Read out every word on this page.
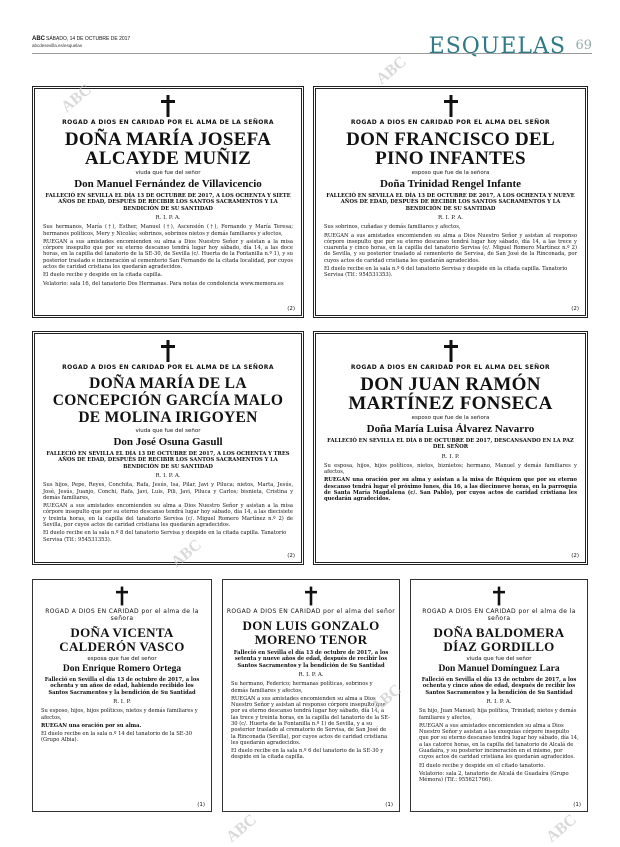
ABC SÁBADO, 14 DE OCTUBRE DE 2017
abcdesevilla.es/esquelas	ESQUELAS 69
ROGAD A DIOS EN CARIDAD POR EL ALMA DE LA SEÑORA
DOÑA MARÍA JOSEFA ALCAYDE MUÑIZ
viuda que fue del señor
Don Manuel Fernández de Villavicencio
FALLECIÓ EN SEVILLA EL DÍA 13 DE OCTUBRE DE 2017, A LOS OCHENTA Y SIETE AÑOS DE EDAD, DESPUÉS DE RECIBIR LOS SANTOS SACRAMENTOS Y LA BENDICIÓN DE SU SANTIDAD
R. I. P. A.
Sus hermanos, María (†), Esther, Manuel (†), Ascensión (†), Fernando y María Teresa; hermanos políticos, Mery y Nicolás; sobrinos, sobrinos nietos y demás familiares y afectos,
RUEGAN a sus amistades encomienden su alma a Dios Nuestro Señor y asistan a la misa córpore insepulto que por su eterno descanso tendrá lugar hoy sábado, día 14, a las doce horas, en la capilla del tanatorio de la SE-30, de Sevilla (c/. Huerta de la Fontanilla n.º 1), y su posterior traslado e incineración al cementerio San Fernando de la citada localidad, por cuyos actos de caridad cristiana les quedarán agradecidos.
El duelo recibe y despide en la citada capilla.
Velatorio: sala 16, del tanatorio Dos Hermanas. Para notas de condolencia www.memora.es
(2)
ROGAD A DIOS EN CARIDAD POR EL ALMA DEL SEÑOR
DON FRANCISCO DEL PINO INFANTES
esposo que fue de la señora
Doña Trinidad Rengel Infante
FALLECIÓ EN SEVILLA EL DÍA 13 DE OCTUBRE DE 2017, A LOS OCHENTA Y NUEVE AÑOS DE EDAD, DESPUÉS DE RECIBIR LOS SANTOS SACRAMENTOS Y LA BENDICIÓN DE SU SANTIDAD
R. I. P. A.
Sus sobrinos, cuñadas y demás familiares y afectos,
RUEGAN a sus amistades encomienden su alma a Dios Nuestro Señor y asistan al responso córpore insepulto que por su eterno descanso tendrá lugar hoy sábado, día 14, a las trece y cuarenta y cinco horas, en la capilla del tanatorio Servisa (c/. Miguel Romero Martínez n.º 2) de Sevilla, y su posterior traslado al cementerio de Servisa, de San José de la Rinconada, por cuyos actos de caridad cristiana les quedarán agradecidos.
El duelo recibe en la sala n.º 6 del tanatorio Servisa y despide en la citada capilla. Tanatorio Servisa (Tlf.: 954531353).
(2)
ROGAD A DIOS EN CARIDAD POR EL ALMA DE LA SEÑORA
DOÑA MARÍA DE LA CONCEPCIÓN GARCÍA MALO DE MOLINA IRIGOYEN
viuda que fue del señor
Don José Osuna Gasull
FALLECIÓ EN SEVILLA EL DÍA 13 DE OCTUBRE DE 2017, A LOS OCHENTA Y TRES AÑOS DE EDAD, DESPUÉS DE RECIBIR LOS SANTOS SACRAMENTOS Y LA BENDICIÓN DE SU SANTIDAD
R. I. P. A.
Sus hijos, Pepe, Reyes, Conchita, Rafa, Jesús, Isa, Pilar, Javi y Piluca; nietos, Marta, Jesús, José, Jesús, Juanjo, Conchi, Rafa, Javi, Luis, Pili, Javi, Piluca y Carlos; bisnieta, Cristina y demás familiares,
RUEGAN a sus amistades encomienden su alma a Dios Nuestro Señor y asistan a la misa córpore insepulto que por su eterno descanso tendrá lugar hoy sábado, día 14, a las diecisiete y treinta horas, en la capilla del tanatorio Servisa (c/. Miguel Romero Martínez n.º 2) de Sevilla, por cuyos actos de caridad cristiana les quedarán agradecidos.
El duelo recibe en la sala n.º 8 del tanatorio Servisa y despide en la citada capilla. Tanatorio Servisa (Tlf.: 954531353).
(2)
ROGAD A DIOS EN CARIDAD POR EL ALMA DEL SEÑOR
DON JUAN RAMÓN MARTÍNEZ FONSECA
esposo que fue de la señora
Doña María Luisa Álvarez Navarro
FALLECIÓ EN SEVILLA EL DÍA 8 DE OCTUBRE DE 2017, DESCANSANDO EN LA PAZ DEL SEÑOR
R. I. P.
Su esposa, hijos, hijos políticos, nietos, biznietos; hermano, Manuel y demás familiares y afectos,
RUEGAN una oración por su alma y asistan a la misa de Réquiem que por su eterno descanso tendrá lugar el próximo lunes, día 16, a las diecinueve horas, en la parroquia de Santa María Magdalena (c/. San Pablo), por cuyos actos de caridad cristiana les quedarán agradecidos.
(2)
ROGAD A DIOS EN CARIDAD por el alma de la señora
DOÑA VICENTA CALDERÓN VASCO
esposa que fue del señor
Don Enrique Romero Ortega
Falleció en Sevilla el día 13 de octubre de 2017, a los ochenta y un años de edad, habiendo recibido los Santos Sacramentos y la bendición de Su Santidad
R. I. P.
Su esposo, hijos, hijos políticos, nietos y demás familiares y afectos,
RUEGAN una oración por su alma.
El duelo recibe en la sala n.º 14 del tanatorio de la SE-30 (Grupo Albia).
(1)
ROGAD A DIOS EN CARIDAD por el alma del señor
DON LUIS GONZALO MORENO TENOR
Falleció en Sevilla el día 13 de octubre de 2017, a los setenta y nueve años de edad, después de recibir los Santos Sacramentos y la bendición de Su Santidad
R. I. P. A.
Su hermano, Federico; hermanas políticas, sobrinos y demás familiares y afectos,
RUEGAN a sus amistades encomienden su alma a Dios Nuestro Señor y asistan al responso córpore insepulto que por su eterno descanso tendrá lugar hoy sábado, día 14, a las trece y treinta horas, en la capilla del tanatorio de la SE-30 (c/. Huerta de la Fontanilla n.º 1) de Sevilla, y a su posterior traslado al crematorio de Servisa, de San José de la Rinconada (Sevilla), por cuyos actos de caridad cristiana les quedarán agradecidos.
El duelo recibe en la sala n.º 6 del tanatorio de la SE-30 y despide en la citada capilla.
(1)
ROGAD A DIOS EN CARIDAD por el alma de la señora
DOÑA BALDOMERA DÍAZ GORDILLO
viuda que fue del señor
Don Manuel Domínguez Lara
Falleció en Sevilla el día 13 de octubre de 2017, a los ochenta y cinco años de edad, después de recibir los Santos Sacramentos y la bendición de Su Santidad
R. I. P. A.
Su hijo, Juan Manuel; hija política, Trinidad; nietos y demás familiares y afectos,
RUEGAN a sus amistades encomienden su alma a Dios Nuestro Señor y asistan a las exequias córpore insepulto que por su eterno descanso tendrá lugar hoy sábado, día 14, a las catorce horas, en la capilla del tanatorio de Alcalá de Guadaíra, y su posterior incineración en el mismo, por cuyos actos de caridad cristiana les quedarán agradecidos.
El duelo recibe y despide en el citado tanatorio.
Velatorio: sala 2, tanatorio de Alcalá de Guadaíra (Grupo Mémora) (Tlf.: 955621766).
(1)
ABC
ABC
ABC
ABC
ABC	ABC
